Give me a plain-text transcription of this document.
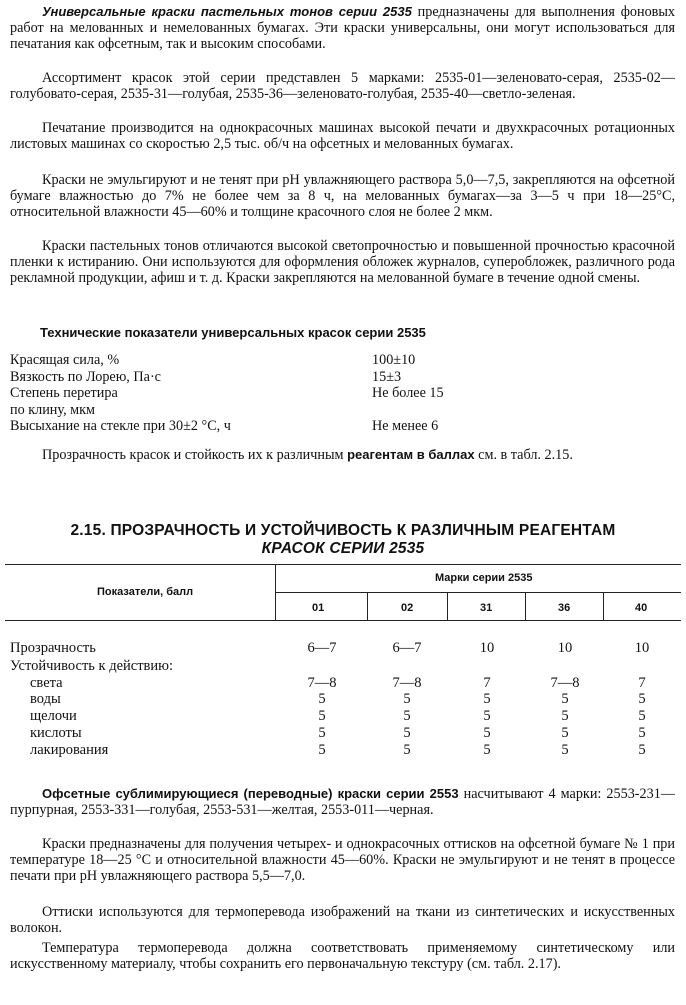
Универсальные краски пастельных тонов серии 2535 предназначены для выполнения фоновых работ на мелованных и немелованных бумагах. Эти краски универсальны, они могут использоваться для печатания как офсетным, так и высоким способами.

Ассортимент красок этой серии представлен 5 марками: 2535-01—зеленовато-серая, 2535-02—голубовато-серая, 2535-31—голубая, 2535-36—зеленовато-голубая, 2535-40—светло-зеленая.

Печатание производится на однокрасочных машинах высокой печати и двухкрасочных ротационных листовых машинах со скоростью 2,5 тыс. об/ч на офсетных и мелованных бумагах.

Краски не эмульгируют и не тенят при рН увлажняющего раствора 5,0—7,5, закрепляются на офсетной бумаге влажностью до 7% не более чем за 8 ч, на мелованных бумагах—за 3—5 ч при 18—25°С, относительной влажности 45—60% и толщине красочного слоя не более 2 мкм.

Краски пастельных тонов отличаются высокой светопрочностью и повышенной прочностью красочной пленки к истиранию. Они используются для оформления обложек журналов, суперобложек, различного рода рекламной продукции, афиш и т. д. Краски закрепляются на мелованной бумаге в течение одной смены.

Технические показатели универсальных красок серии 2535
Красящая сила, %	100±10
Вязкость по Лорею, Па·с	15±3
Степень перетира	Не более 15
по клину, мкм
Высыхание на стекле при 30±2 °С, ч	Не менее 6

Прозрачность красок и стойкость их к различным реагентам в баллах см. в табл. 2.15.

2.15. ПРОЗРАЧНОСТЬ И УСТОЙЧИВОСТЬ К РАЗЛИЧНЫМ РЕАГЕНТАМ
КРАСОК СЕРИИ 2535
Показатели, балл
Марки серии 2535
01	02	31	36	40
Прозрачность	6—7	6—7	10	10	10
Устойчивость к действию:
света	7—8	7—8	7	7—8	7
воды	5	5	5	5	5
щелочи	5	5	5	5	5
кислоты	5	5	5	5	5
лакирования	5	5	5	5	5

Офсетные сублимирующиеся (переводные) краски серии 2553 насчитывают 4 марки: 2553-231—пурпурная, 2553-331—голубая, 2553-531—желтая, 2553-011—черная.

Краски предназначены для получения четырех- и однокрасочных оттисков на офсетной бумаге № 1 при температуре 18—25 °С и относительной влажности 45—60%. Краски не эмульгируют и не тенят в процессе печати при рН увлажняющего раствора 5,5—7,0.

Оттиски используются для термоперевода изображений на ткани из синтетических и искусственных волокон.

Температура термоперевода должна соответствовать применяемому синтетическому или искусственному материалу, чтобы сохранить его первоначальную текстуру (см. табл. 2.17).
